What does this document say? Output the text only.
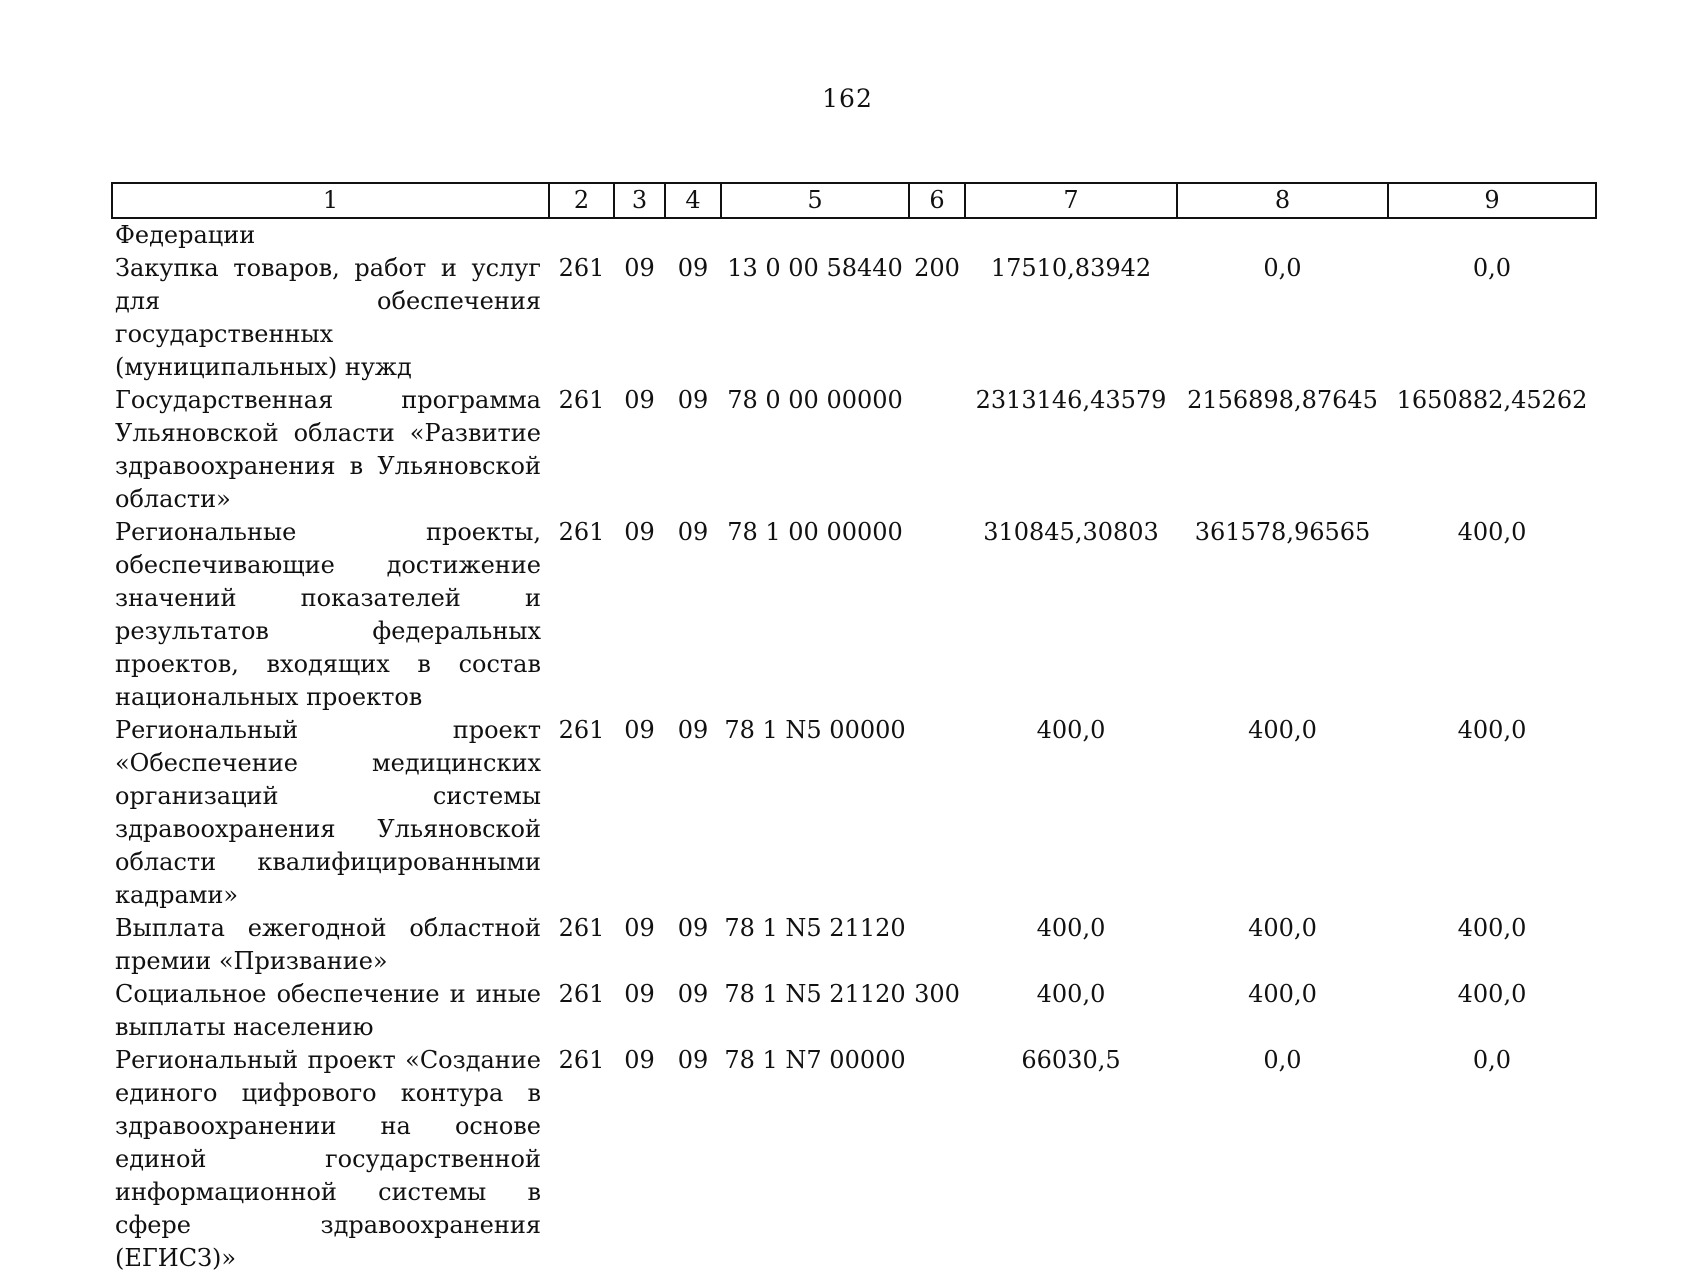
162
1	2	3	4	5	6	7	8	9
Федерации								
Закупка товаров, работ и услуг для обеспечения государственных (муниципальных) нужд	261	09	09	13 0 00 58440	200	17510,83942	0,0	0,0
Государственная программа Ульяновской области «Развитие здравоохранения в Ульяновской области»	261	09	09	78 0 00 00000		2313146,43579	2156898,87645	1650882,45262
Региональные проекты, обеспечивающие достижение значений показателей и результатов федеральных проектов, входящих в состав национальных проектов	261	09	09	78 1 00 00000		310845,30803	361578,96565	400,0
Региональный проект «Обеспечение медицинских организаций системы здравоохранения Ульяновской области квалифицированными кадрами»	261	09	09	78 1 N5 00000		400,0	400,0	400,0
Выплата ежегодной областной премии «Призвание»	261	09	09	78 1 N5 21120		400,0	400,0	400,0
Социальное обеспечение и иные выплаты населению	261	09	09	78 1 N5 21120	300	400,0	400,0	400,0
Региональный проект «Создание единого цифрового контура в здравоохранении на основе единой государственной информационной системы в сфере здравоохранения (ЕГИСЗ)»	261	09	09	78 1 N7 00000		66030,5	0,0	0,0
